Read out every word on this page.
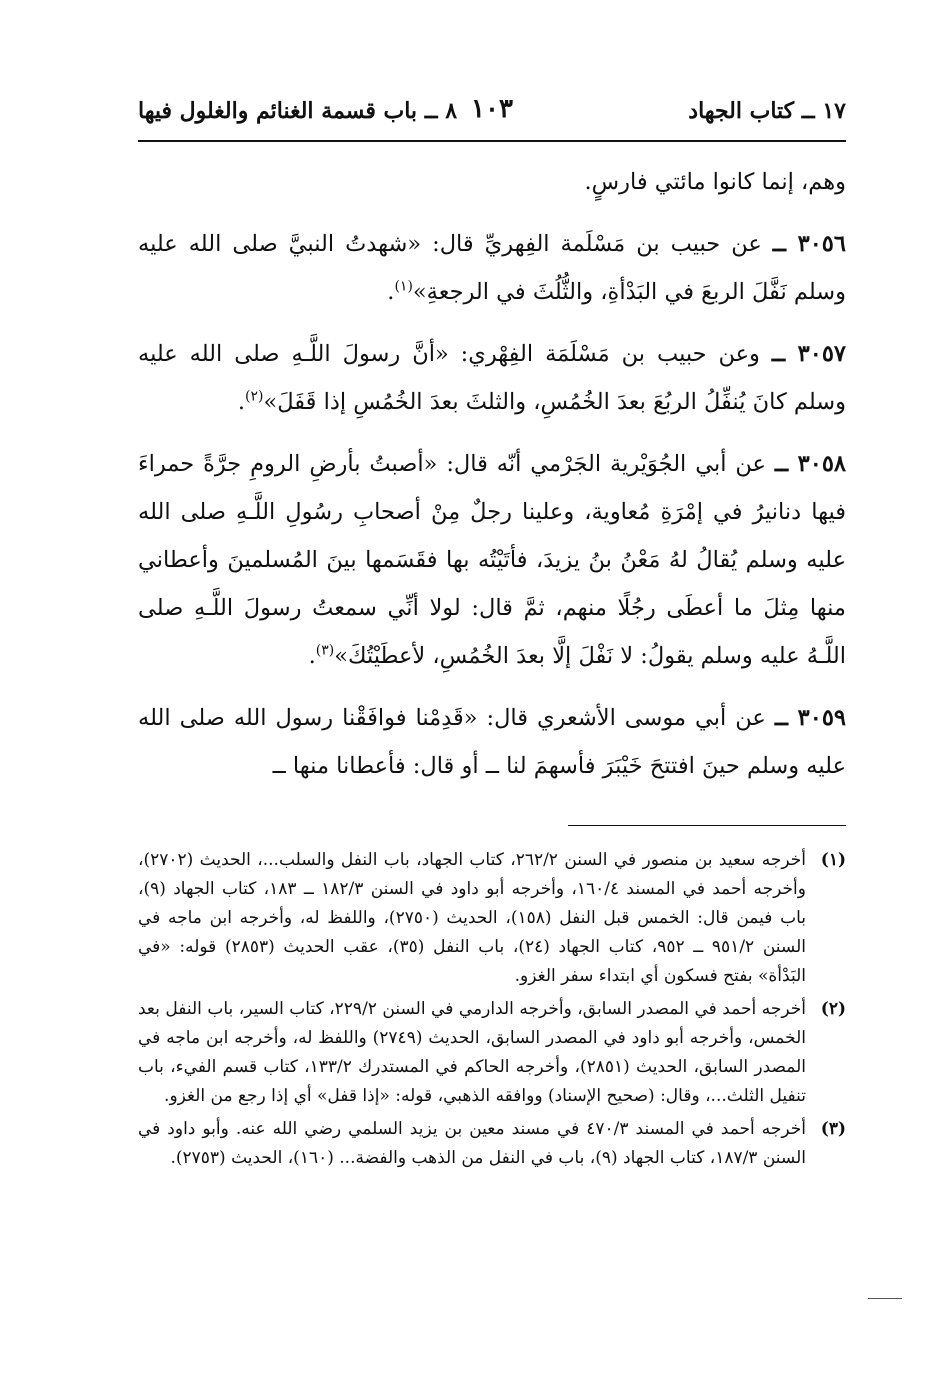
١٧ ــ كتاب الجهاد
١٠٣
٨ ــ باب قسمة الغنائم والغلول فيها

وهم، إنما كانوا مائتي فارسٍ.

٣٠٥٦ ــ عن حبيب بن مَسْلَمة الفِهريِّ قال: «شهدتُ النبيَّ صلى الله عليه وسلم نَفَّلَ الربعَ في البَدْأةِ، والثُّلُثَ في الرجعةِ»$^{(١)}$.

٣٠٥٧ ــ وعن حبيب بن مَسْلَمَة الفِهْري: «أنَّ رسولَ اللَّـهِ صلى الله عليه وسلم كانَ يُنفِّلُ الربُعَ بعدَ الخُمُسِ، والثلثَ بعدَ الخُمُسِ إذا قَفَلَ»$^{(٢)}$.

٣٠٥٨ ــ عن أبي الجُوَيْرية الجَرْمي أنّه قال: «أصبتُ بأرضِ الرومِ جرَّةً حمراءَ فيها دنانيرُ في إمْرَةِ مُعاوية، وعلينا رجلٌ مِنْ أصحابِ رسُولِ اللَّـهِ صلى الله عليه وسلم يُقالُ لهُ مَعْنُ بنُ يزيدَ، فأتَيْتُه بها فقَسَمها بينَ المُسلمينَ وأعطاني منها مِثلَ ما أعطَى رجُلًا منهم، ثمَّ قال: لولا أنِّي سمعتُ رسولَ اللَّـهِ صلى اللَّـهُ عليه وسلم يقولُ: لا نَفْلَ إلَّا بعدَ الخُمُسِ، لأعطَيْتُكَ»$^{(٣)}$.

٣٠٥٩ ــ عن أبي موسى الأشعري قال: «قَدِمْنا فوافَقْنا رسول الله صلى الله عليه وسلم حينَ افتتحَ خَيْبَرَ فأسهمَ لنا ــ أو قال: فأعطانا منها ــ

(١)
أخرجه سعيد بن منصور في السنن ٢٦٢/٢، كتاب الجهاد، باب النفل والسلب...، الحديث (٢٧٠٢)، وأخرجه أحمد في المسند ١٦٠/٤، وأخرجه أبو داود في السنن ١٨٢/٣ ــ ١٨٣، كتاب الجهاد (٩)، باب فيمن قال: الخمس قبل النفل (١٥٨)، الحديث (٢٧٥٠)، واللفظ له، وأخرجه ابن ماجه في السنن ٩٥١/٢ ــ ٩٥٢، كتاب الجهاد (٢٤)، باب النفل (٣٥)، عقب الحديث (٢٨٥٣) قوله: «في البَدْأة» بفتح فسكون أي ابتداء سفر الغزو.
(٢)
أخرجه أحمد في المصدر السابق، وأخرجه الدارمي في السنن ٢٢٩/٢، كتاب السير، باب النفل بعد الخمس، وأخرجه أبو داود في المصدر السابق، الحديث (٢٧٤٩) واللفظ له، وأخرجه ابن ماجه في المصدر السابق، الحديث (٢٨٥١)، وأخرجه الحاكم في المستدرك ١٣٣/٢، كتاب قسم الفيء، باب تنفيل الثلث...، وقال: (صحيح الإسناد) ووافقه الذهبي، قوله: «إذا قفل» أي إذا رجع من الغزو.
(٣)
أخرجه أحمد في المسند ٤٧٠/٣ في مسند معين بن يزيد السلمي رضي الله عنه. وأبو داود في السنن ١٨٧/٣، كتاب الجهاد (٩)، باب في النفل من الذهب والفضة... (١٦٠)، الحديث (٢٧٥٣).
